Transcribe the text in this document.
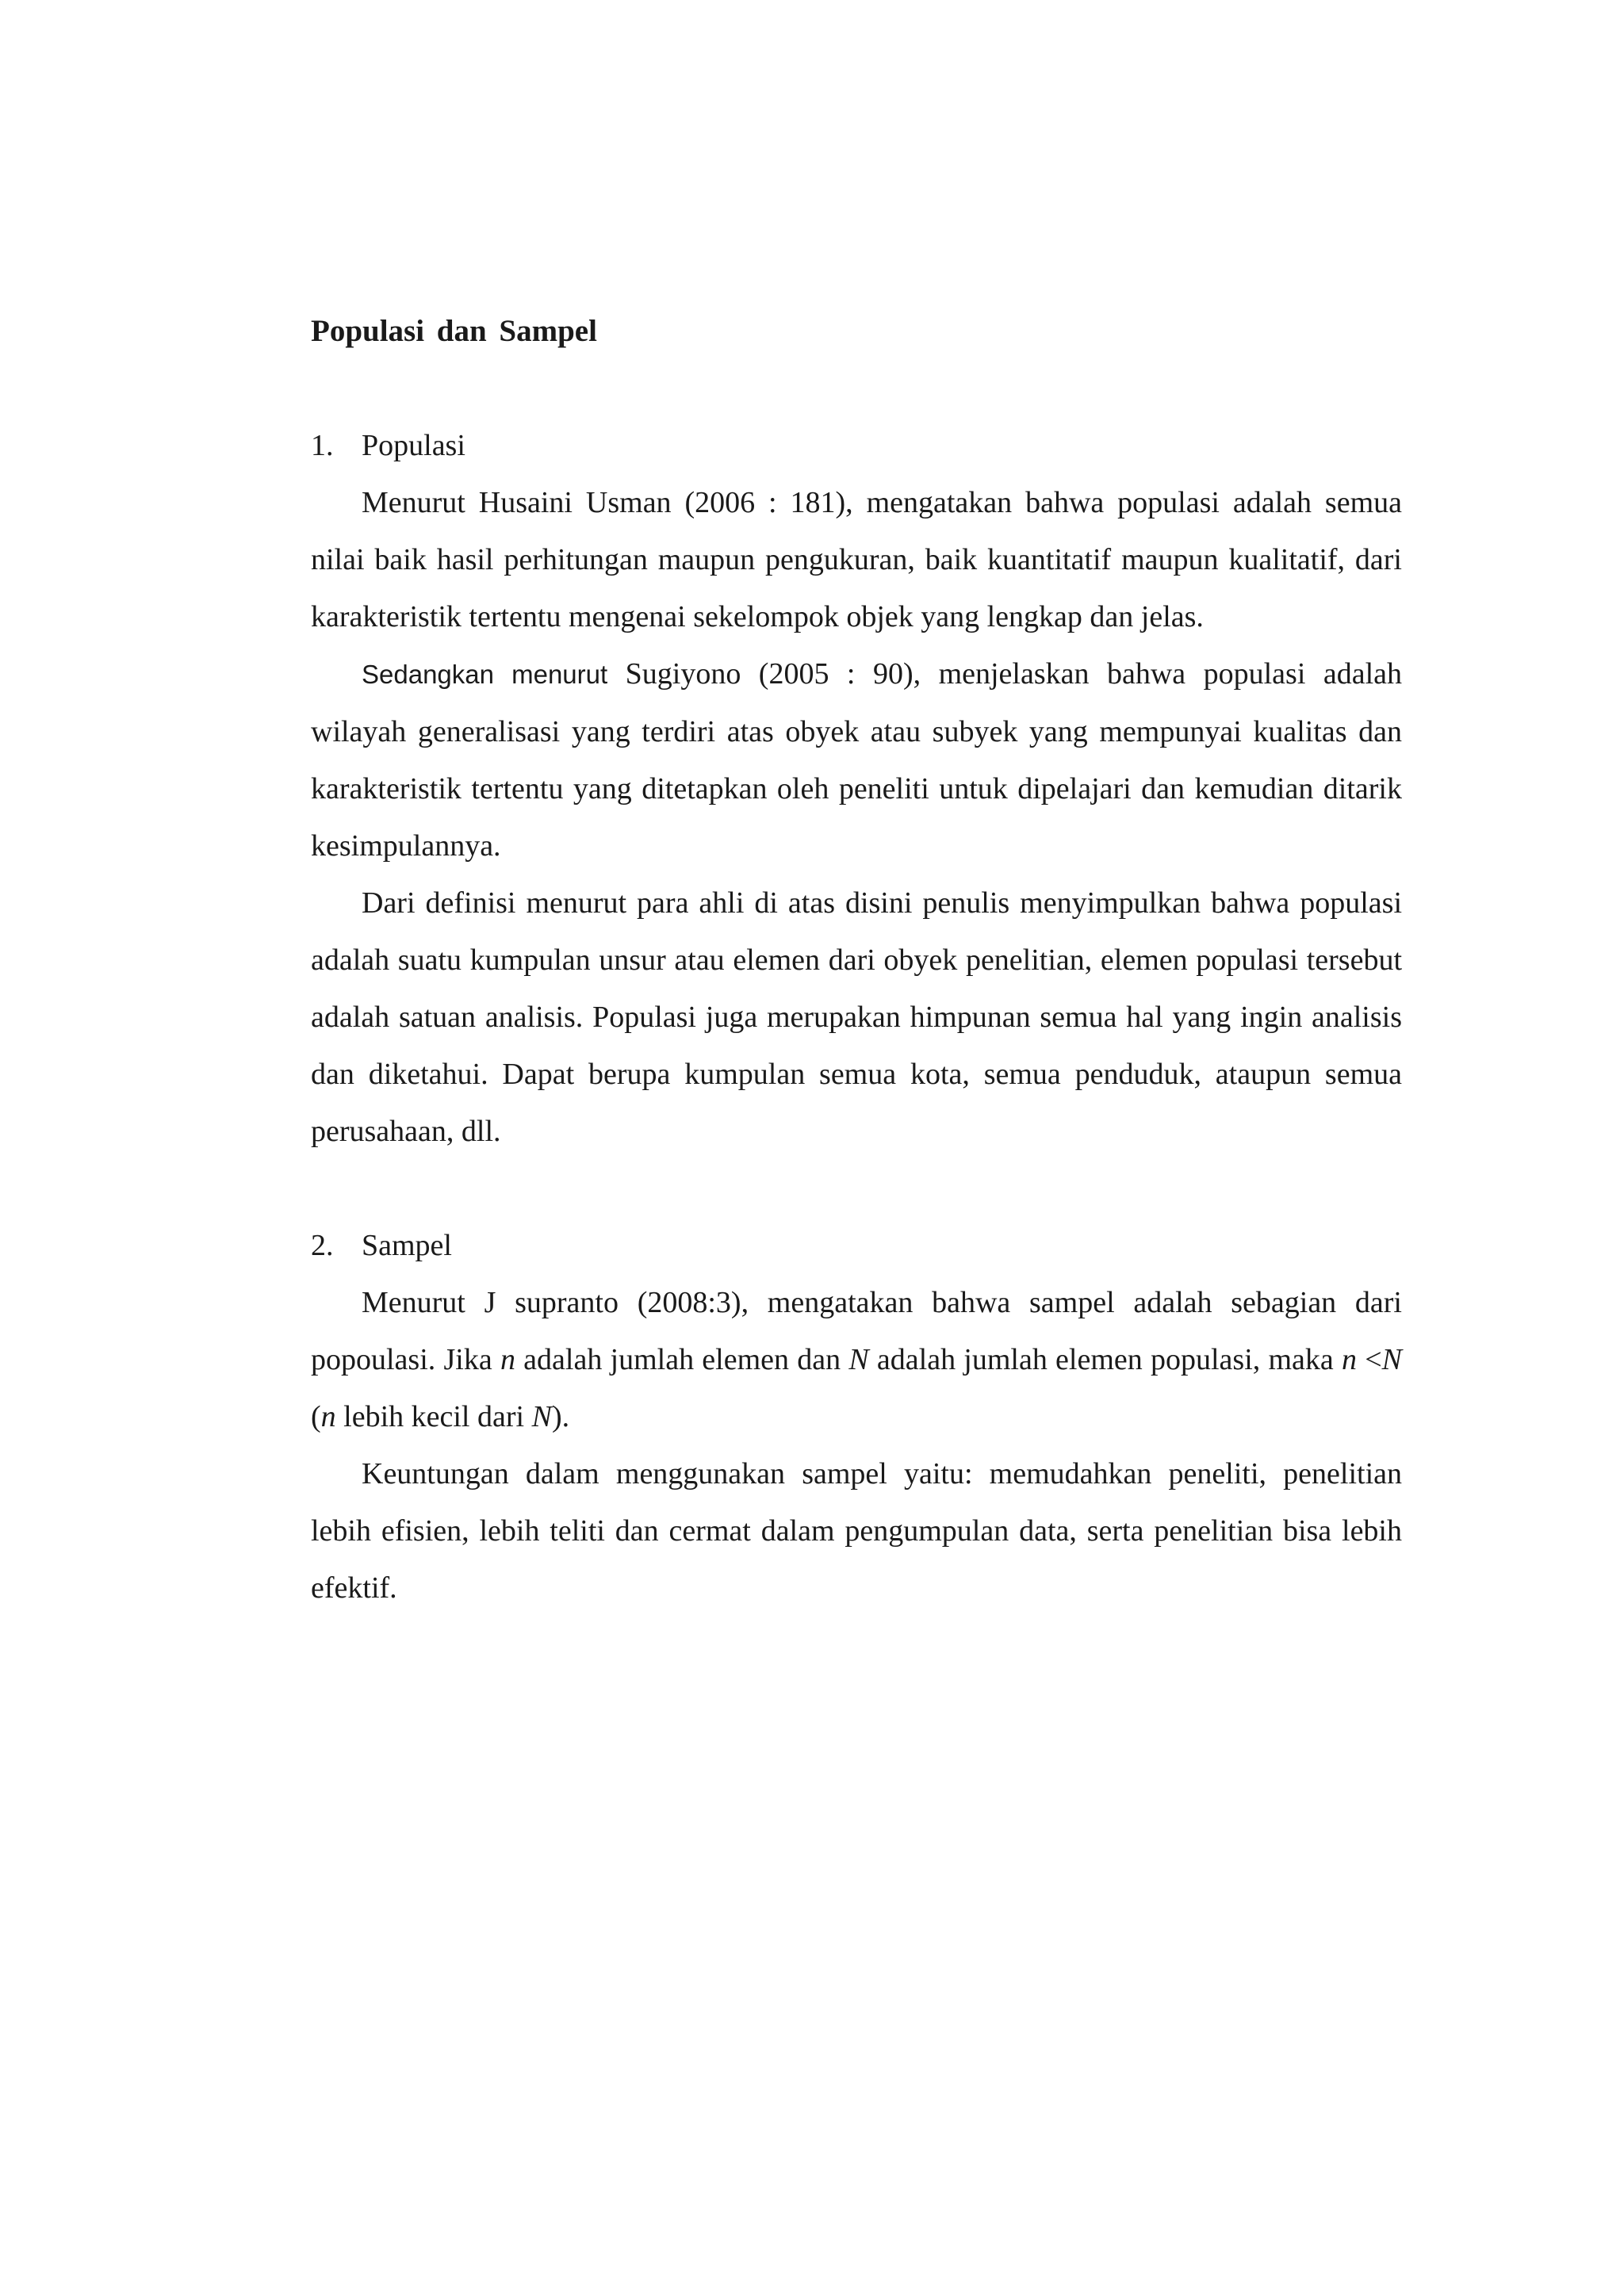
Populasi dan Sampel
1. Populasi

Menurut Husaini Usman (2006 : 181), mengatakan bahwa populasi adalah semua nilai baik hasil perhitungan maupun pengukuran, baik kuantitatif maupun kualitatif, dari karakteristik tertentu mengenai sekelompok objek yang lengkap dan jelas.

Sedangkan menurut Sugiyono (2005 : 90), menjelaskan bahwa populasi adalah wilayah generalisasi yang terdiri atas obyek atau subyek yang mempunyai kualitas dan karakteristik tertentu yang ditetapkan oleh peneliti untuk dipelajari dan kemudian ditarik kesimpulannya.

Dari definisi menurut para ahli di atas disini penulis menyimpulkan bahwa populasi adalah suatu kumpulan unsur atau elemen dari obyek penelitian, elemen populasi tersebut adalah satuan analisis. Populasi juga merupakan himpunan semua hal yang ingin analisis dan diketahui. Dapat berupa kumpulan semua kota, semua penduduk, ataupun semua perusahaan, dll.

2. Sampel

Menurut J supranto (2008:3), mengatakan bahwa sampel adalah sebagian dari popoulasi. Jika n adalah jumlah elemen dan N adalah jumlah elemen populasi, maka n <N (n lebih kecil dari N).

Keuntungan dalam menggunakan sampel yaitu: memudahkan peneliti, penelitian lebih efisien, lebih teliti dan cermat dalam pengumpulan data, serta penelitian bisa lebih efektif.
